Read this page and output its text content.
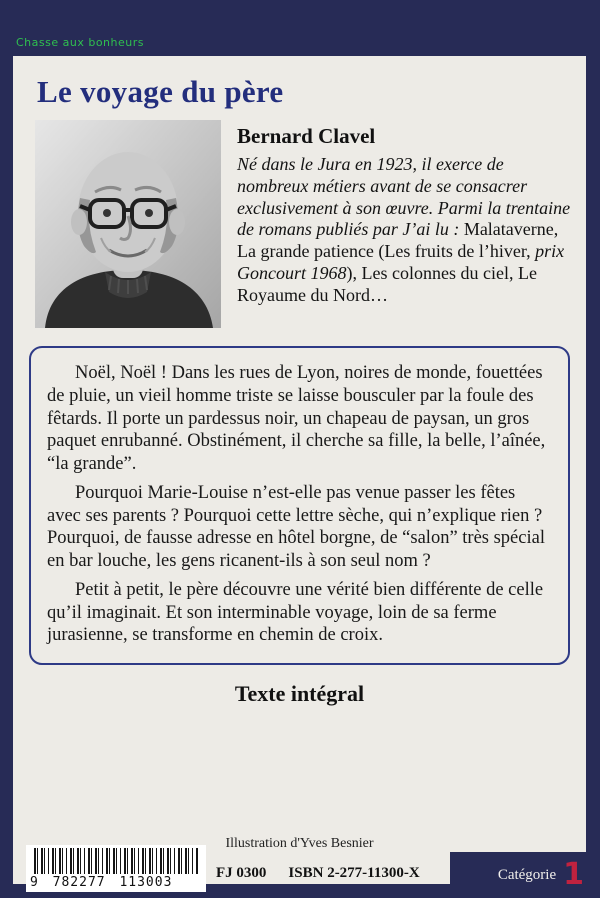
Chasse aux bonheurs
Le voyage du père
Bernard Clavel

Né dans le Jura en 1923, il exerce de nombreux métiers avant de se consacrer exclusivement à son œuvre. Parmi la trentaine de romans publiés par J’ai lu : Malataverne, La grande patience (Les fruits de l’hiver, prix Goncourt 1968), Les colonnes du ciel, Le Royaume du Nord…

Noël, Noël ! Dans les rues de Lyon, noires de monde, fouettées de pluie, un vieil homme triste se laisse bousculer par la foule des fêtards. Il porte un pardessus noir, un chapeau de paysan, un gros paquet enrubanné. Obstinément, il cherche sa fille, la belle, l’aînée, “la grande”.

Pourquoi Marie-Louise n’est-elle pas venue passer les fêtes avec ses parents ? Pourquoi cette lettre sèche, qui n’explique rien ? Pourquoi, de fausse adresse en hôtel borgne, de “salon” très spécial en bar louche, les gens ricanent-ils à son seul nom ?

Petit à petit, le père découvre une vérité bien différente de celle qu’il imaginait. Et son interminable voyage, loin de sa ferme jurasienne, se transforme en chemin de croix.

Texte intégral
Illustration d'Yves Besnier
9 782277 113003
FJ 0300 ISBN 2-277-11300-X	Catégorie 1
